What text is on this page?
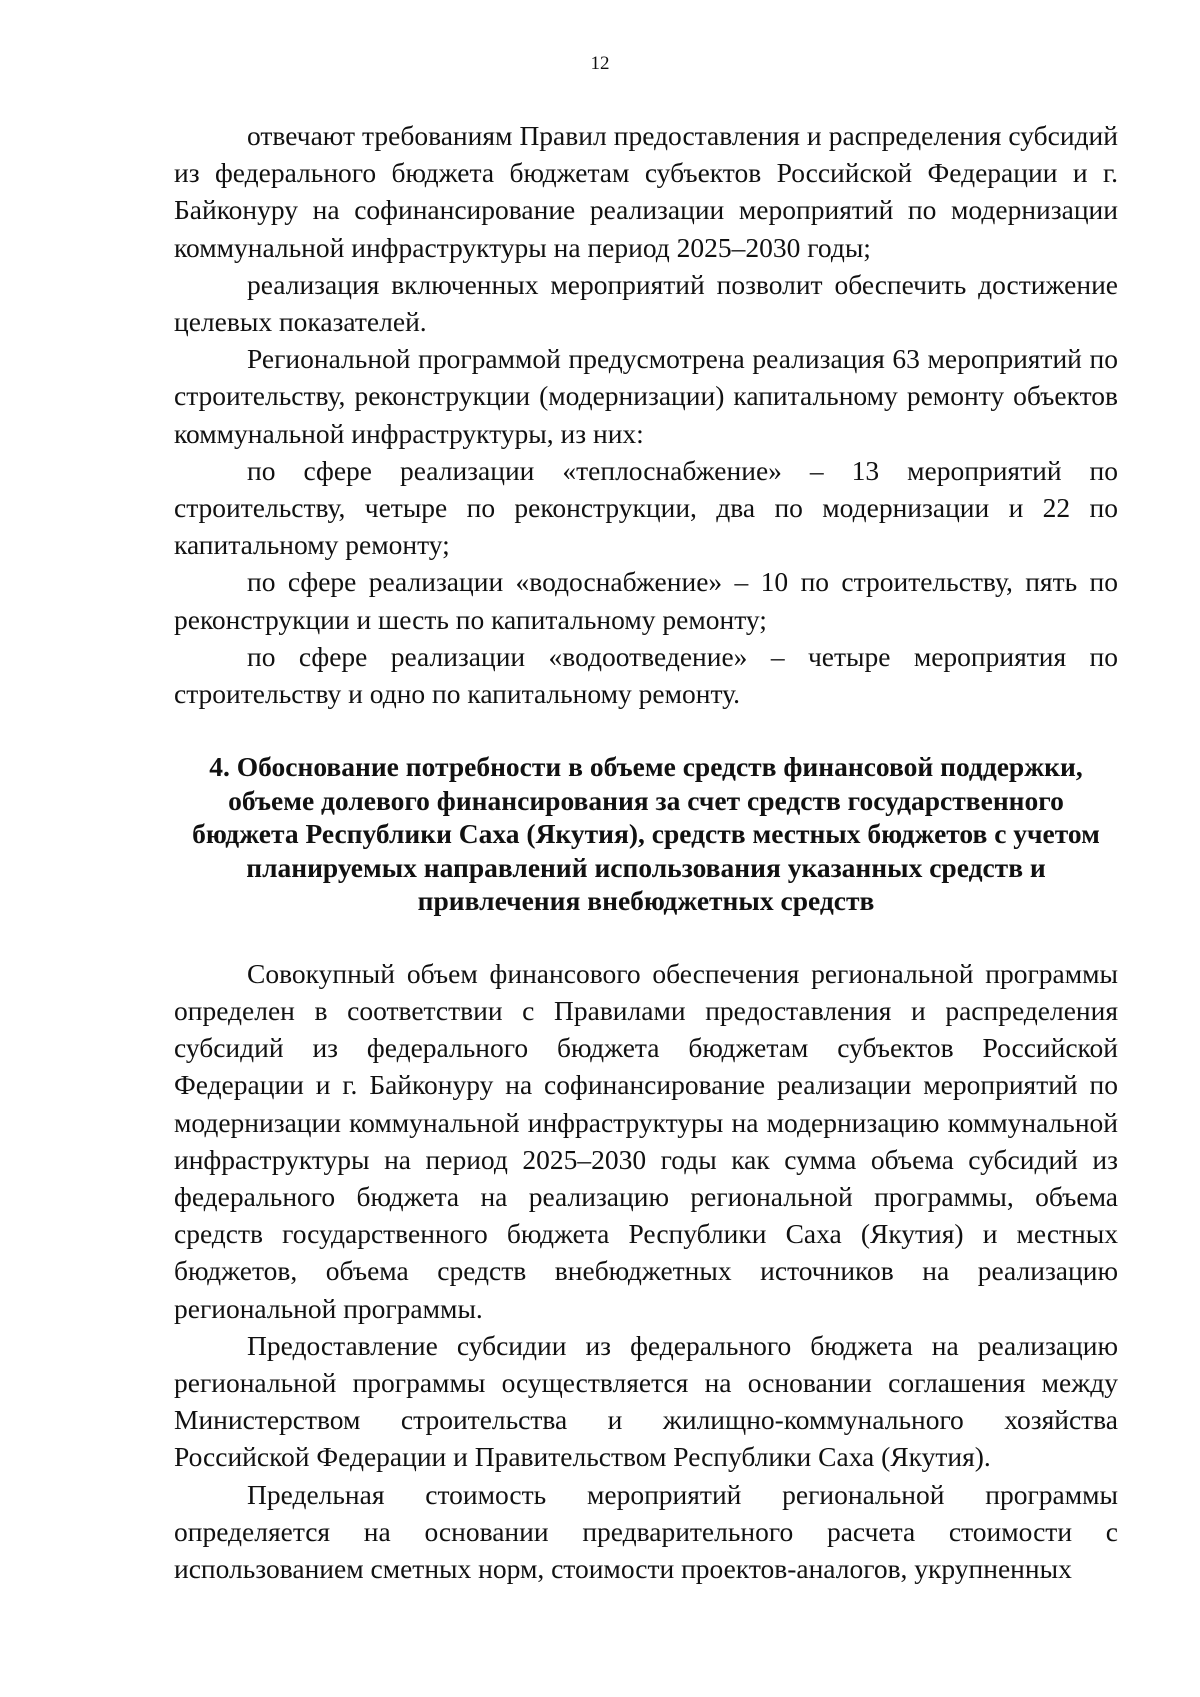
12

отвечают требованиям Правил предоставления и распределения субсидий из федерального бюджета бюджетам субъектов Российской Федерации и г. Байконуру на софинансирование реализации мероприятий по модернизации коммунальной инфраструктуры на период 2025–2030 годы;

реализация включенных мероприятий позволит обеспечить достижение целевых показателей.

Региональной программой предусмотрена реализация 63 мероприятий по строительству, реконструкции (модернизации) капитальному ремонту объектов коммунальной инфраструктуры, из них:

по сфере реализации «теплоснабжение» – 13 мероприятий по строительству, четыре по реконструкции, два по модернизации и 22 по капитальному ремонту;

по сфере реализации «водоснабжение» – 10 по строительству, пять по реконструкции и шесть по капитальному ремонту;

по сфере реализации «водоотведение» – четыре мероприятия по строительству и одно по капитальному ремонту.

4. Обоснование потребности в объеме средств финансовой поддержки, объеме долевого финансирования за счет средств государственного бюджета Республики Саха (Якутия), средств местных бюджетов с учетом планируемых направлений использования указанных средств и привлечения внебюджетных средств

Совокупный объем финансового обеспечения региональной программы определен в соответствии с Правилами предоставления и распределения субсидий из федерального бюджета бюджетам субъектов Российской Федерации и г. Байконуру на софинансирование реализации мероприятий по модернизации коммунальной инфраструктуры на модернизацию коммунальной инфраструктуры на период 2025–2030 годы как сумма объема субсидий из федерального бюджета на реализацию региональной программы, объема средств государственного бюджета Республики Саха (Якутия) и местных бюджетов, объема средств внебюджетных источников на реализацию региональной программы.

Предоставление субсидии из федерального бюджета на реализацию региональной программы осуществляется на основании соглашения между Министерством строительства и жилищно-коммунального хозяйства Российской Федерации и Правительством Республики Саха (Якутия).

Предельная стоимость мероприятий региональной программы определяется на основании предварительного расчета стоимости с использованием сметных норм, стоимости проектов-аналогов, укрупненных
